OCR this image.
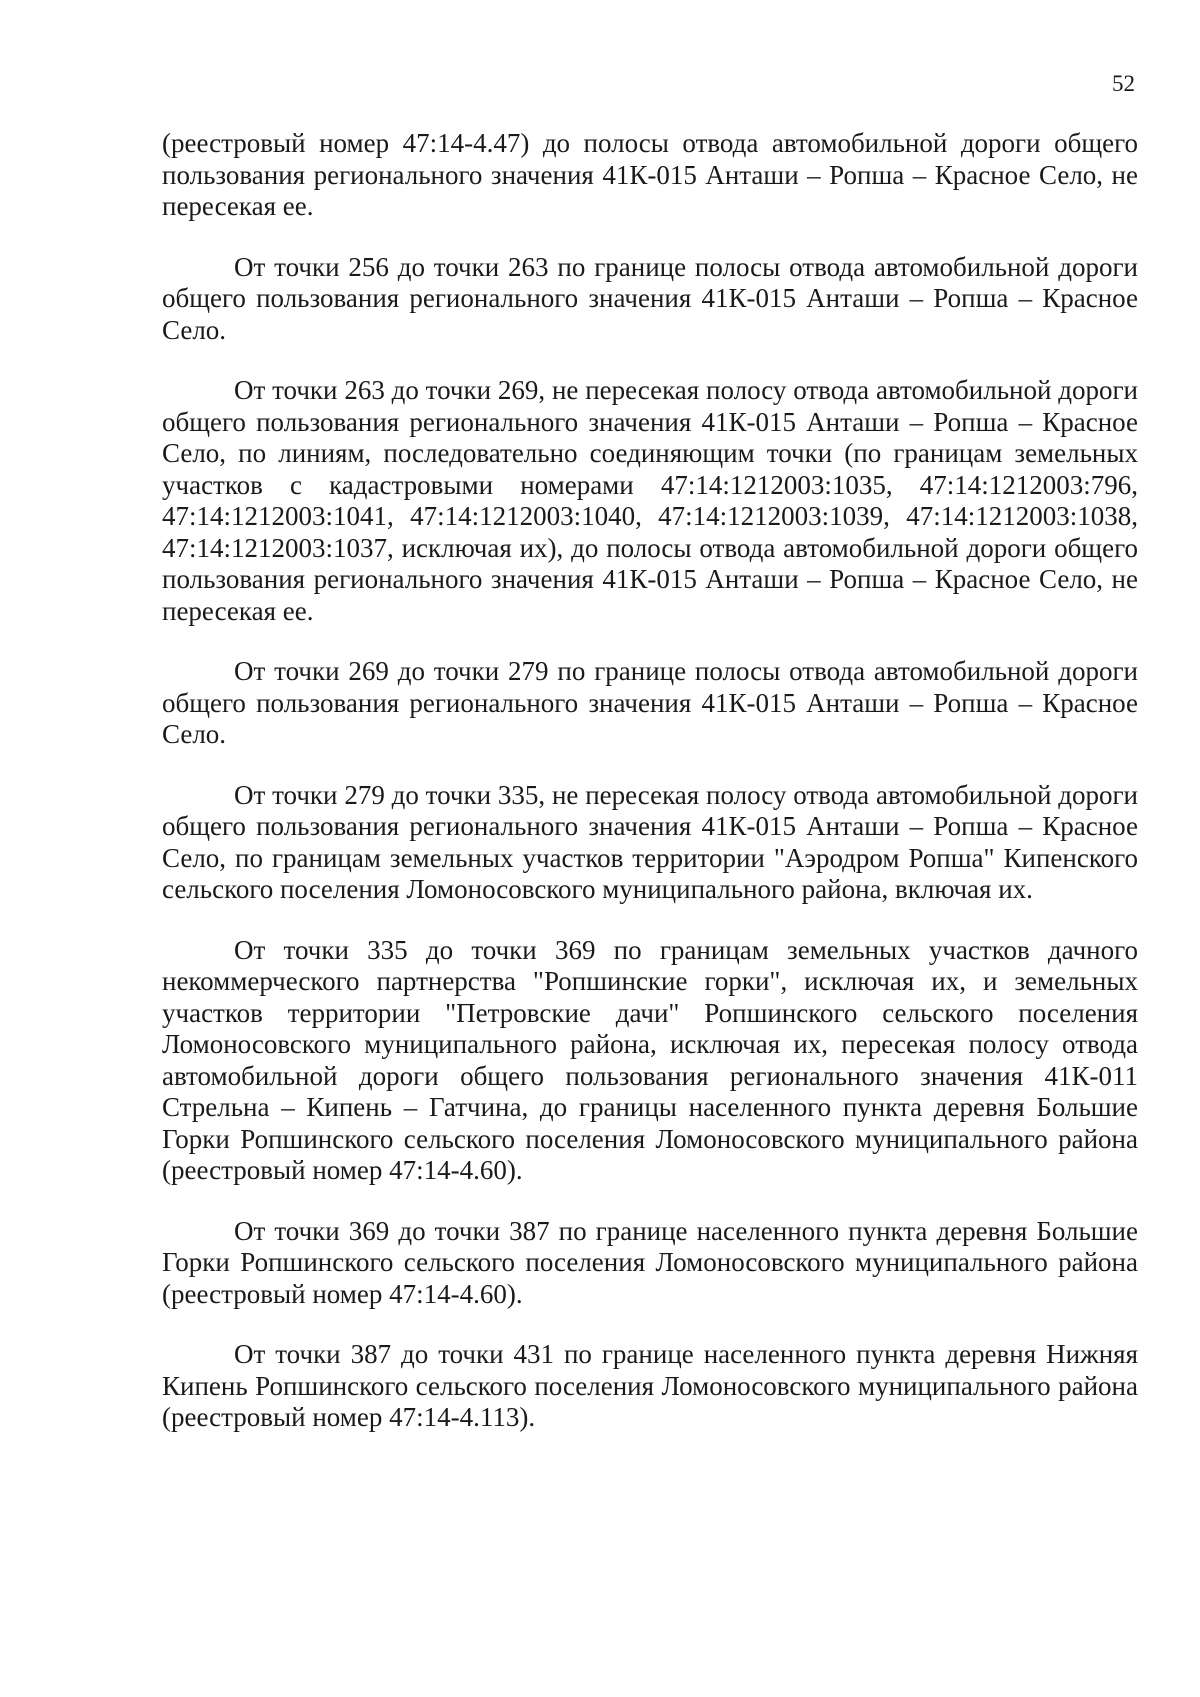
52

(реестровый номер 47:14-4.47) до полосы отвода автомобильной дороги общего пользования регионального значения 41К-015 Анташи – Ропша – Красное Село, не пересекая ее.

От точки 256 до точки 263 по границе полосы отвода автомобильной дороги общего пользования регионального значения 41К-015 Анташи – Ропша – Красное Село.

От точки 263 до точки 269, не пересекая полосу отвода автомобильной дороги общего пользования регионального значения 41К-015 Анташи – Ропша – Красное Село, по линиям, последовательно соединяющим точки (по границам земельных участков с кадастровыми номерами 47:14:1212003:1035, 47:14:1212003:796, 47:14:1212003:1041, 47:14:1212003:1040, 47:14:1212003:1039, 47:14:1212003:1038, 47:14:1212003:1037, исключая их), до полосы отвода автомобильной дороги общего пользования регионального значения 41К-015 Анташи – Ропша – Красное Село, не пересекая ее.

От точки 269 до точки 279 по границе полосы отвода автомобильной дороги общего пользования регионального значения 41К-015 Анташи – Ропша – Красное Село.

От точки 279 до точки 335, не пересекая полосу отвода автомобильной дороги общего пользования регионального значения 41К-015 Анташи – Ропша – Красное Село, по границам земельных участков территории "Аэродром Ропша" Кипенского сельского поселения Ломоносовского муниципального района, включая их.

От точки 335 до точки 369 по границам земельных участков дачного некоммерческого партнерства "Ропшинские горки", исключая их, и земельных участков территории "Петровские дачи" Ропшинского сельского поселения Ломоносовского муниципального района, исключая их, пересекая полосу отвода автомобильной дороги общего пользования регионального значения 41К-011 Стрельна – Кипень – Гатчина, до границы населенного пункта деревня Большие Горки Ропшинского сельского поселения Ломоносовского муниципального района (реестровый номер 47:14-4.60).

От точки 369 до точки 387 по границе населенного пункта деревня Большие Горки Ропшинского сельского поселения Ломоносовского муниципального района (реестровый номер 47:14-4.60).

От точки 387 до точки 431 по границе населенного пункта деревня Нижняя Кипень Ропшинского сельского поселения Ломоносовского муниципального района (реестровый номер 47:14-4.113).
